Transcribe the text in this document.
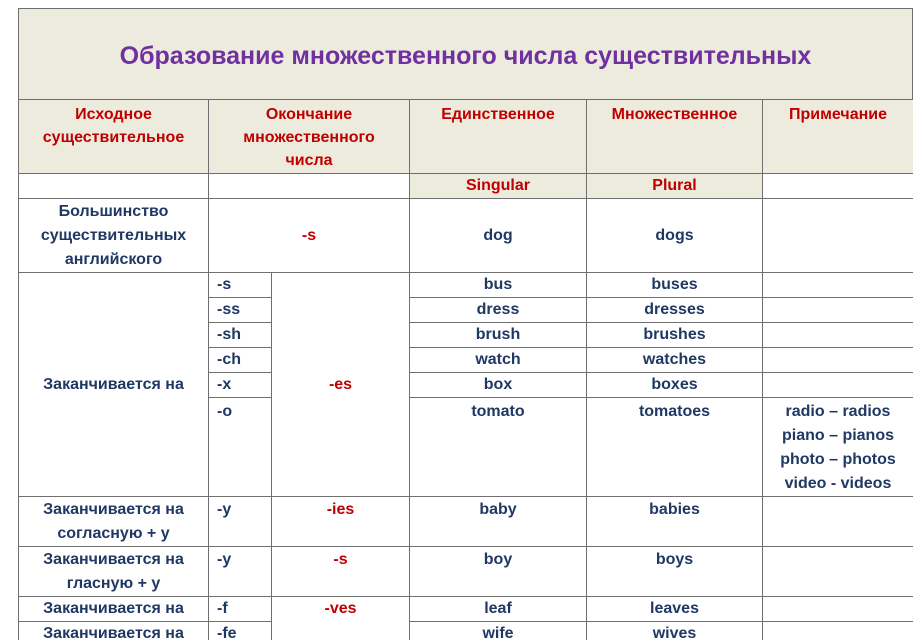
Образование множественного числа существительных
Исходное
существительное	Окончание
множественного
числа		Единственное	Множественное	Примечание
			Singular	Plural	

Большинство
существительных
английского	-s		dog	dogs	
Заканчивается на	-s	-es	bus	buses	
	-ss		dress	dresses	
	-sh		brush	brushes	
	-ch		watch	watches	
	-x		box	boxes	
	-o		tomato	tomatoes	radio – radios
piano – pianos
photo – photos
video - videos

Заканчивается на
согласную + у	-y	-ies	baby	babies	

Заканчивается на
гласную + у	-y	-s	boy	boys	
Заканчивается на	-f	-ves	leaf	leaves	
Заканчивается на	-fe		wife	wives	
